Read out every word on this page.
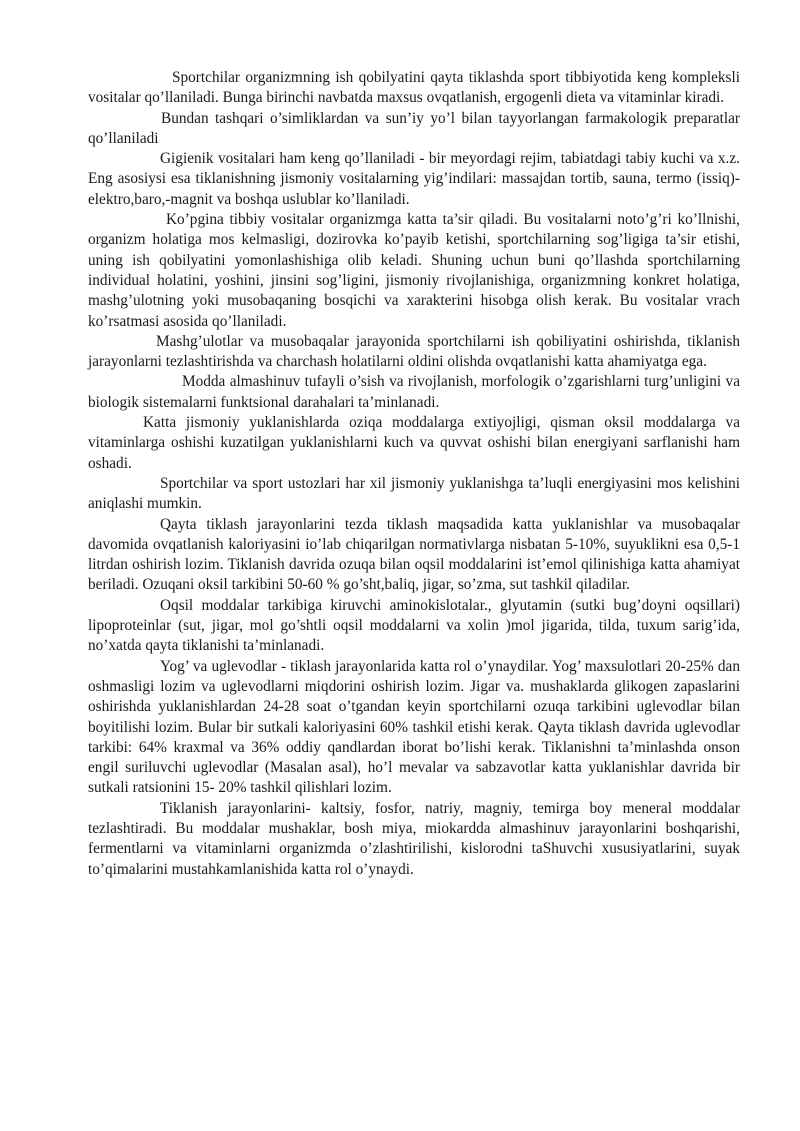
Sportchilar organizmning ish qobilyatini qayta tiklashda sport tibbiyotida keng kompleksli vositalar qo’llaniladi. Bunga birinchi navbatda maxsus ovqatlanish, ergogenli dieta va vitaminlar kiradi.

Bundan tashqari o’simliklardan va sun’iy yo’l bilan tayyorlangan farmakologik preparatlar qo’llaniladi

Gigienik vositalari ham keng qo’llaniladi - bir meyordagi rejim, tabiatdagi tabiy kuchi va x.z. Eng asosiysi esa tiklanishning jismoniy vositalarning yig’indilari: massajdan tortib, sauna, termo (issiq)- elektro,baro,-magnit va boshqa uslublar ko’llaniladi.

Ko’pgina tibbiy vositalar organizmga katta ta’sir qiladi. Bu vositalarni noto’g’ri ko’llnishi, organizm holatiga mos kelmasligi, dozirovka ko’payib ketishi, sportchilarning sog’ligiga ta’sir etishi, uning ish qobilyatini yomonlashishiga olib keladi. Shuning uchun buni qo’llashda sportchilarning individual holatini, yoshini, jinsini sog’ligini, jismoniy rivojlanishiga, organizmning konkret holatiga, mashg’ulotning yoki musobaqaning bosqichi va xarakterini hisobga olish kerak. Bu vositalar vrach ko’rsatmasi asosida qo’llaniladi.

Mashg’ulotlar va musobaqalar jarayonida sportchilarni ish qobiliyatini oshirishda, tiklanish jarayonlarni tezlashtirishda va charchash holatilarni oldini olishda ovqatlanishi katta ahamiyatga ega.

Modda almashinuv tufayli o’sish va rivojlanish, morfologik o’zgarishlarni turg’unligini va biologik sistemalarni funktsional darahalari ta’minlanadi.

Katta jismoniy yuklanishlarda oziqa moddalarga extiyojligi, qisman oksil moddalarga va vitaminlarga oshishi kuzatilgan yuklanishlarni kuch va quvvat oshishi bilan energiyani sarflanishi ham oshadi.

Sportchilar va sport ustozlari har xil jismoniy yuklanishga ta’luqli energiyasini mos kelishini aniqlashi mumkin.

Qayta tiklash jarayonlarini tezda tiklash maqsadida katta yuklanishlar va musobaqalar davomida ovqatlanish kaloriyasini io’lab chiqarilgan normativlarga nisbatan 5-10%, suyuklikni esa 0,5-1 litrdan oshirish lozim. Tiklanish davrida ozuqa bilan oqsil moddalarini ist’emol qilinishiga katta ahamiyat beriladi. Ozuqani oksil tarkibini 50-60 % go’sht,baliq, jigar, so’zma, sut tashkil qiladilar.

Oqsil moddalar tarkibiga kiruvchi aminokislotalar., glyutamin (sutki bug’doyni oqsillari) lipoproteinlar (sut, jigar, mol go’shtli oqsil moddalarni va xolin )mol jigarida, tilda, tuxum sarig’ida, no’xatda qayta tiklanishi ta’minlanadi.

Yog’ va uglevodlar - tiklash jarayonlarida katta rol o’ynaydilar. Yog’ maxsulotlari 20-25% dan oshmasligi lozim va uglevodlarni miqdorini oshirish lozim. Jigar va. mushaklarda glikogen zapaslarini oshirishda yuklanishlardan 24-28 soat o’tgandan keyin sportchilarni ozuqa tarkibini uglevodlar bilan boyitilishi lozim. Bular bir sutkali kaloriyasini 60% tashkil etishi kerak. Qayta tiklash davrida uglevodlar tarkibi: 64% kraxmal va 36% oddiy qandlardan iborat bo’lishi kerak. Tiklanishni ta’minlashda onson engil suriluvchi uglevodlar (Masalan asal), ho’l mevalar va sabzavotlar katta yuklanishlar davrida bir sutkali ratsionini 15- 20% tashkil qilishlari lozim.

Tiklanish jarayonlarini- kaltsiy, fosfor, natriy, magniy, temirga boy meneral moddalar tezlashtiradi. Bu moddalar mushaklar, bosh miya, miokardda almashinuv jarayonlarini boshqarishi, fermentlarni va vitaminlarni organizmda o’zlashtirilishi, kislorodni taShuvchi xususiyatlarini, suyak to’qimalarini mustahkamlanishida katta rol o’ynaydi.
